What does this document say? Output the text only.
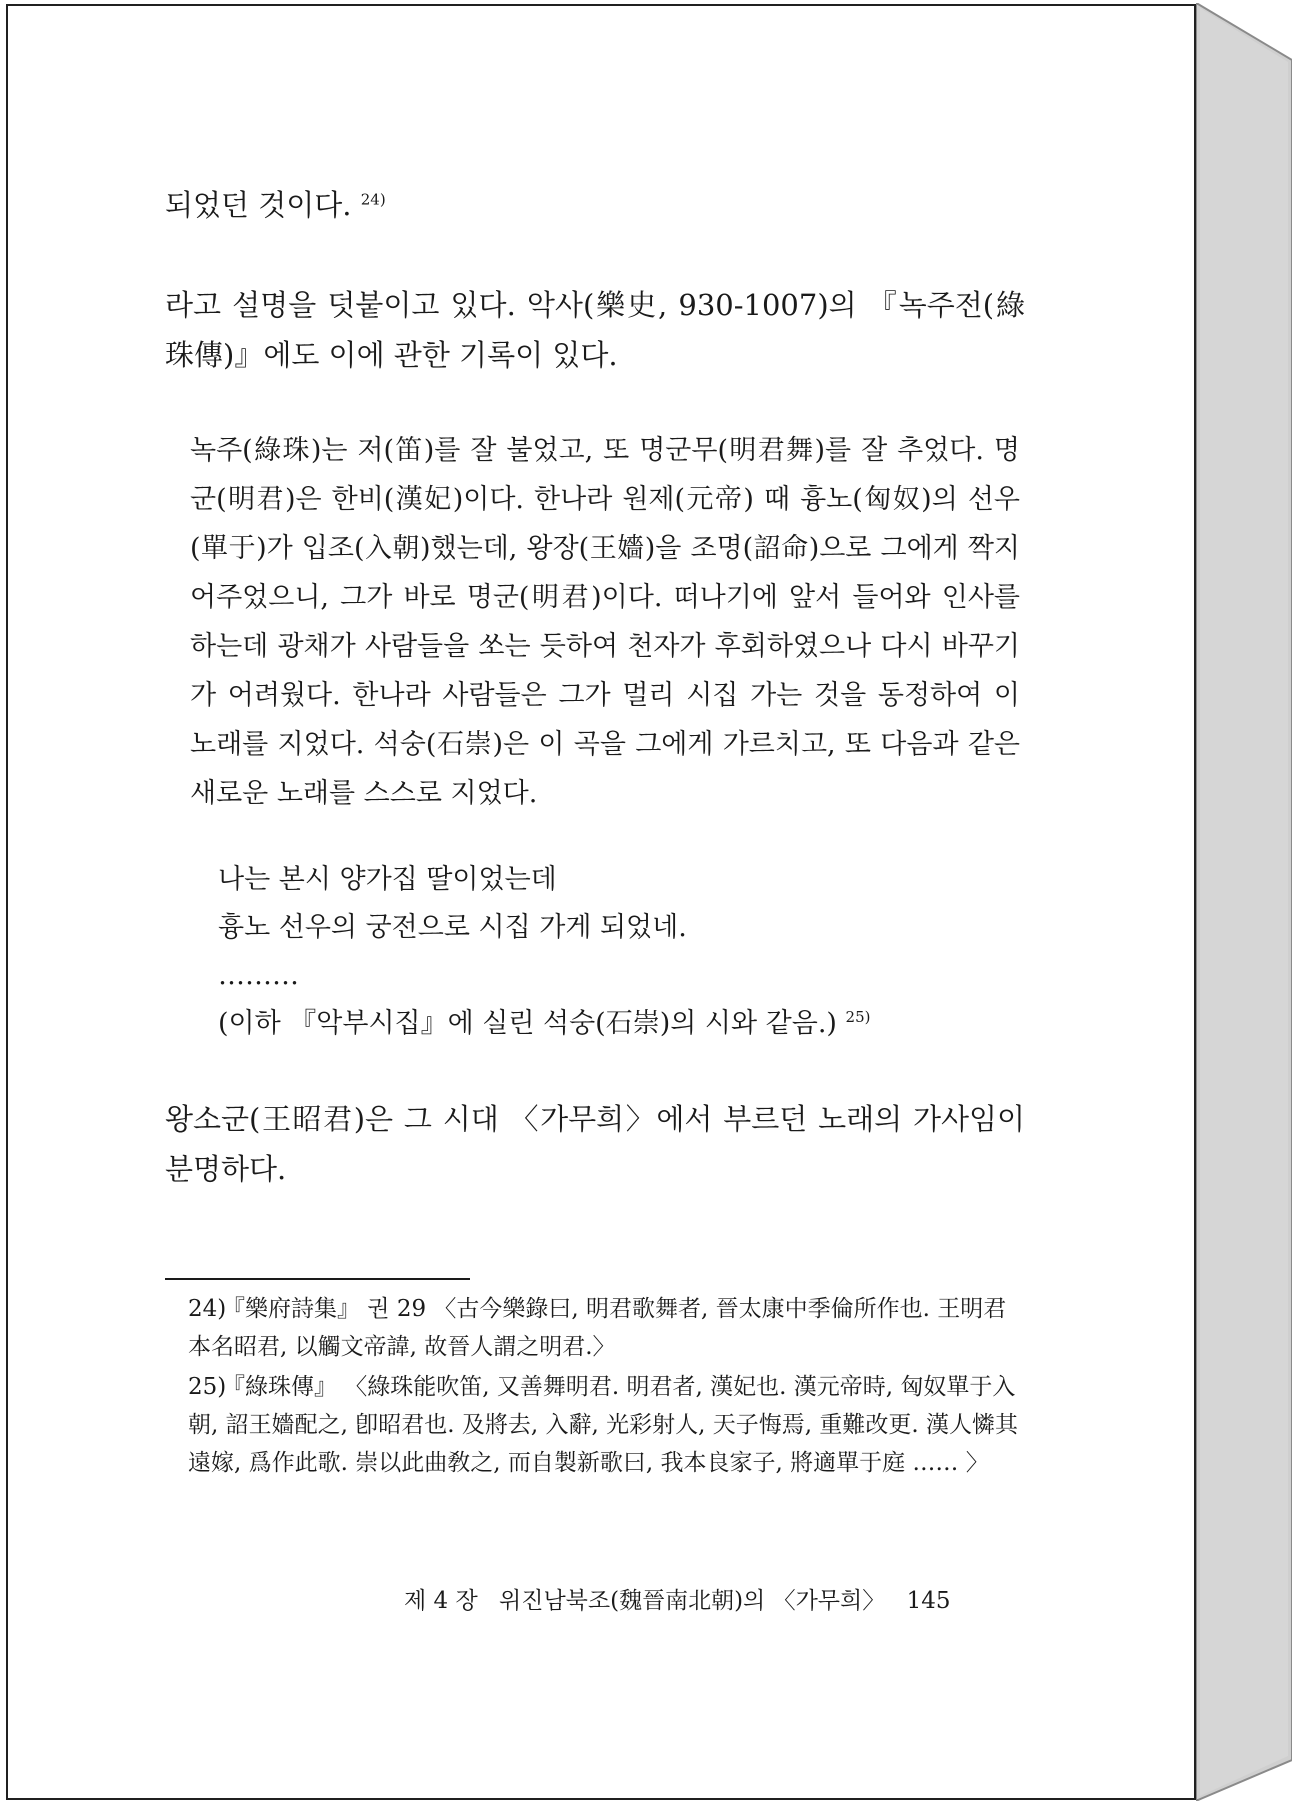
되었던 것이다. $^{24)}$

라고 설명을 덧붙이고 있다. 악사(樂史, 930-1007)의 『녹주전(綠珠傳)』에도 이에 관한 기록이 있다.

녹주(綠珠)는 저(笛)를 잘 불었고, 또 명군무(明君舞)를 잘 추었다. 명군(明君)은 한비(漢妃)이다. 한나라 원제(元帝) 때 흉노(匈奴)의 선우(單于)가 입조(入朝)했는데, 왕장(王嬙)을 조명(詔命)으로 그에게 짝지어주었으니, 그가 바로 명군(明君)이다. 떠나기에 앞서 들어와 인사를 하는데 광채가 사람들을 쏘는 듯하여 천자가 후회하였으나 다시 바꾸기가 어려웠다. 한나라 사람들은 그가 멀리 시집 가는 것을 동정하여 이 노래를 지었다. 석숭(石崇)은 이 곡을 그에게 가르치고, 또 다음과 같은 새로운 노래를 스스로 지었다.

나는 본시 양가집 딸이었는데

흉노 선우의 궁전으로 시집 가게 되었네.

………

(이하 『악부시집』에 실린 석숭(石崇)의 시와 같음.) $^{25)}$

왕소군(王昭君)은 그 시대 〈가무희〉에서 부르던 노래의 가사임이 분명하다.

24)『樂府詩集』 권 29 〈古今樂錄曰, 明君歌舞者, 晉太康中季倫所作也. 王明君本名昭君, 以觸文帝諱, 故晉人謂之明君.〉

25)『綠珠傳』 〈綠珠能吹笛, 又善舞明君. 明君者, 漢妃也. 漢元帝時, 匈奴單于入朝, 詔王嬙配之, 卽昭君也. 及將去, 入辭, 光彩射人, 天子悔焉, 重難改更. 漢人憐其遠嫁, 爲作此歌. 崇以此曲敎之, 而自製新歌曰, 我本良家子, 將適單于庭 …… 〉

제 4 장 위진남북조(魏晉南北朝)의 〈가무희〉 145
